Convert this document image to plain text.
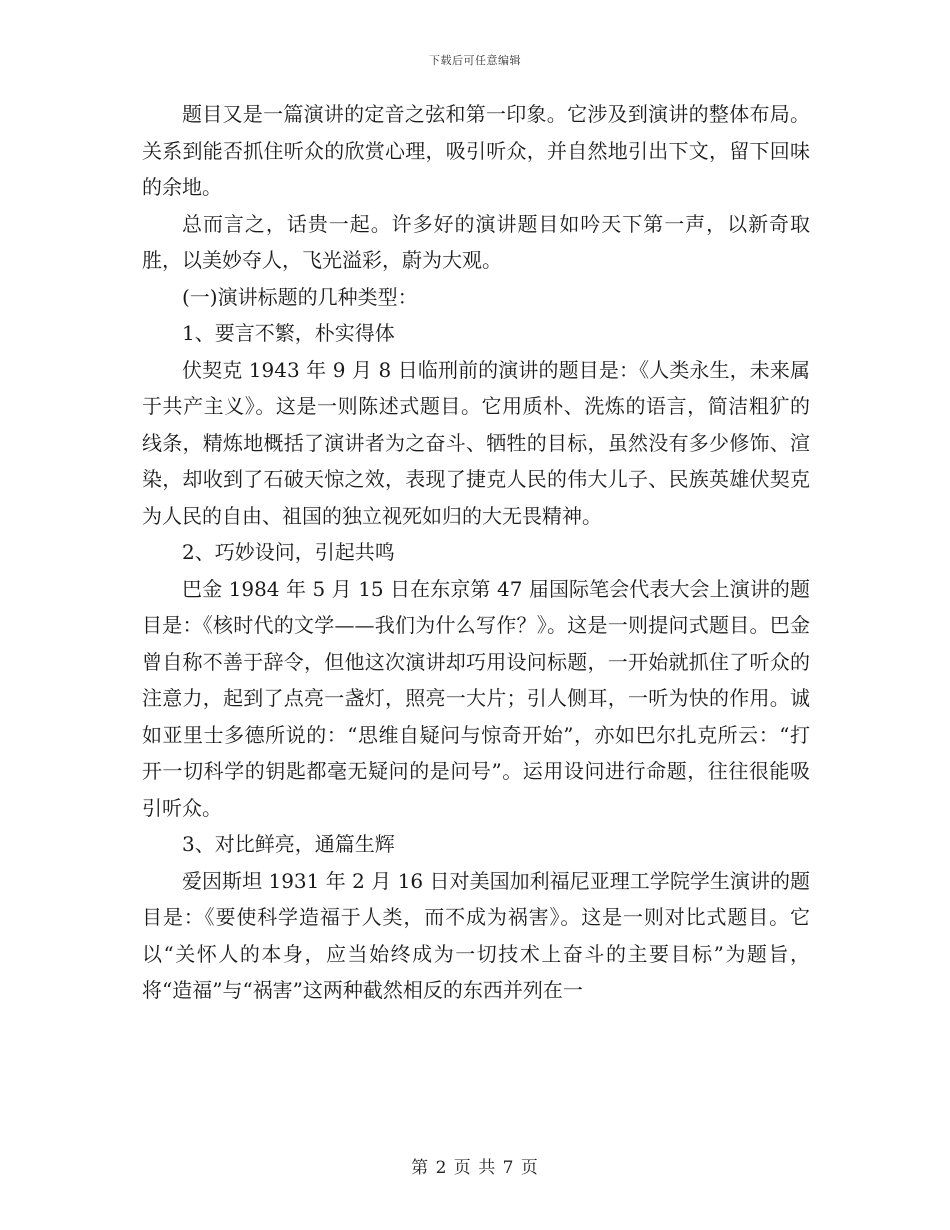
下载后可任意编辑

题目又是一篇演讲的定音之弦和第一印象。它涉及到演讲的整体布局。关系到能否抓住听众的欣赏心理，吸引听众，并自然地引出下文，留下回味的余地。

总而言之，话贵一起。许多好的演讲题目如吟天下第一声，以新奇取胜，以美妙夺人，飞光溢彩，蔚为大观。

(一)演讲标题的几种类型：

1、要言不繁，朴实得体

伏契克 1943 年 9 月 8 日临刑前的演讲的题目是：《人类永生，未来属于共产主义》。这是一则陈述式题目。它用质朴、洗炼的语言，简洁粗犷的线条，精炼地概括了演讲者为之奋斗、牺牲的目标，虽然没有多少修饰、渲染，却收到了石破天惊之效，表现了捷克人民的伟大儿子、民族英雄伏契克为人民的自由、祖国的独立视死如归的大无畏精神。

2、巧妙设问，引起共鸣

巴金 1984 年 5 月 15 日在东京第 47 届国际笔会代表大会上演讲的题目是：《核时代的文学——我们为什么写作？》。这是一则提问式题目。巴金曾自称不善于辞令，但他这次演讲却巧用设问标题，一开始就抓住了听众的注意力，起到了点亮一盏灯，照亮一大片；引人侧耳，一听为快的作用。诚如亚里士多德所说的：“思维自疑问与惊奇开始”，亦如巴尔扎克所云：“打开一切科学的钥匙都毫无疑问的是问号”。运用设问进行命题，往往很能吸引听众。

3、对比鲜亮，通篇生辉

爱因斯坦 1931 年 2 月 16 日对美国加利福尼亚理工学院学生演讲的题目是：《要使科学造福于人类，而不成为祸害》。这是一则对比式题目。它以“关怀人的本身，应当始终成为一切技术上奋斗的主要目标”为题旨，将“造福”与“祸害”这两种截然相反的东西并列在一

第 2 页 共 7 页
